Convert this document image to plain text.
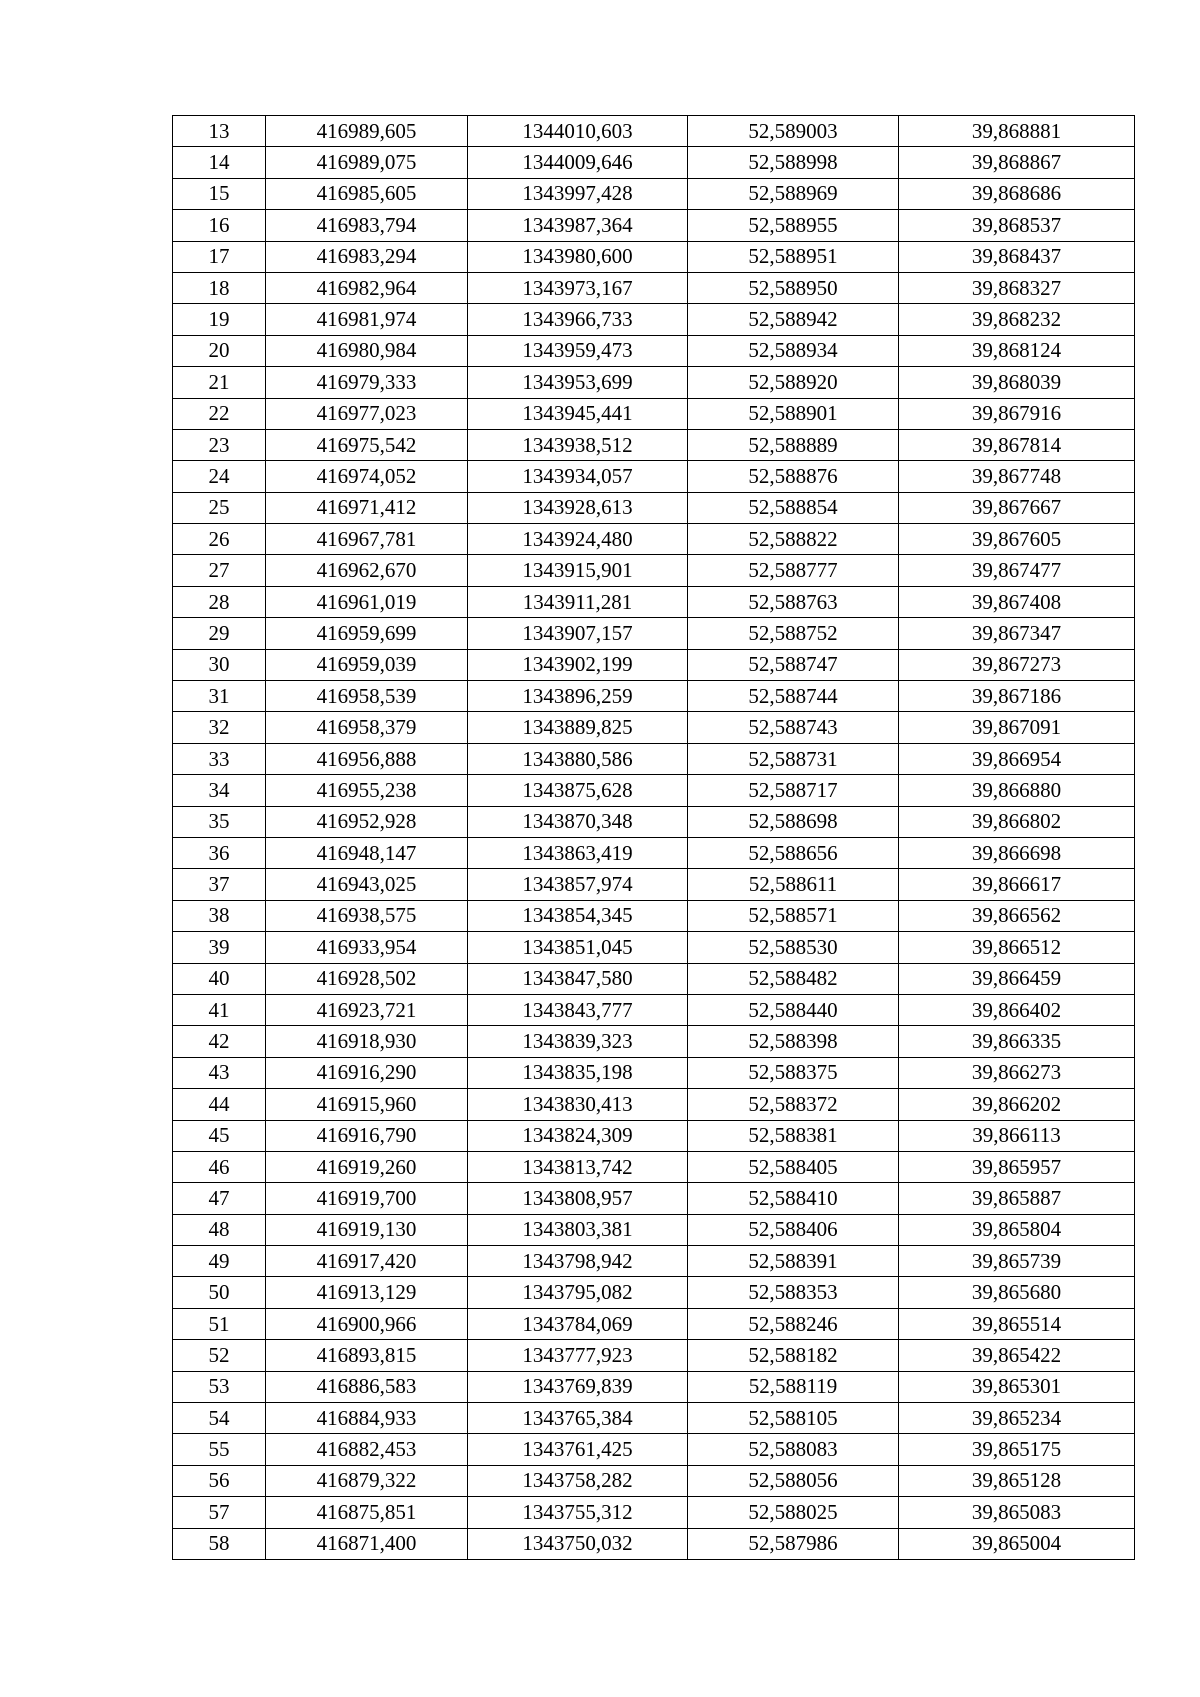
13	416989,605	1344010,603	52,589003	39,868881
14	416989,075	1344009,646	52,588998	39,868867
15	416985,605	1343997,428	52,588969	39,868686
16	416983,794	1343987,364	52,588955	39,868537
17	416983,294	1343980,600	52,588951	39,868437
18	416982,964	1343973,167	52,588950	39,868327
19	416981,974	1343966,733	52,588942	39,868232
20	416980,984	1343959,473	52,588934	39,868124
21	416979,333	1343953,699	52,588920	39,868039
22	416977,023	1343945,441	52,588901	39,867916
23	416975,542	1343938,512	52,588889	39,867814
24	416974,052	1343934,057	52,588876	39,867748
25	416971,412	1343928,613	52,588854	39,867667
26	416967,781	1343924,480	52,588822	39,867605
27	416962,670	1343915,901	52,588777	39,867477
28	416961,019	1343911,281	52,588763	39,867408
29	416959,699	1343907,157	52,588752	39,867347
30	416959,039	1343902,199	52,588747	39,867273
31	416958,539	1343896,259	52,588744	39,867186
32	416958,379	1343889,825	52,588743	39,867091
33	416956,888	1343880,586	52,588731	39,866954
34	416955,238	1343875,628	52,588717	39,866880
35	416952,928	1343870,348	52,588698	39,866802
36	416948,147	1343863,419	52,588656	39,866698
37	416943,025	1343857,974	52,588611	39,866617
38	416938,575	1343854,345	52,588571	39,866562
39	416933,954	1343851,045	52,588530	39,866512
40	416928,502	1343847,580	52,588482	39,866459
41	416923,721	1343843,777	52,588440	39,866402
42	416918,930	1343839,323	52,588398	39,866335
43	416916,290	1343835,198	52,588375	39,866273
44	416915,960	1343830,413	52,588372	39,866202
45	416916,790	1343824,309	52,588381	39,866113
46	416919,260	1343813,742	52,588405	39,865957
47	416919,700	1343808,957	52,588410	39,865887
48	416919,130	1343803,381	52,588406	39,865804
49	416917,420	1343798,942	52,588391	39,865739
50	416913,129	1343795,082	52,588353	39,865680
51	416900,966	1343784,069	52,588246	39,865514
52	416893,815	1343777,923	52,588182	39,865422
53	416886,583	1343769,839	52,588119	39,865301
54	416884,933	1343765,384	52,588105	39,865234
55	416882,453	1343761,425	52,588083	39,865175
56	416879,322	1343758,282	52,588056	39,865128
57	416875,851	1343755,312	52,588025	39,865083
58	416871,400	1343750,032	52,587986	39,865004
